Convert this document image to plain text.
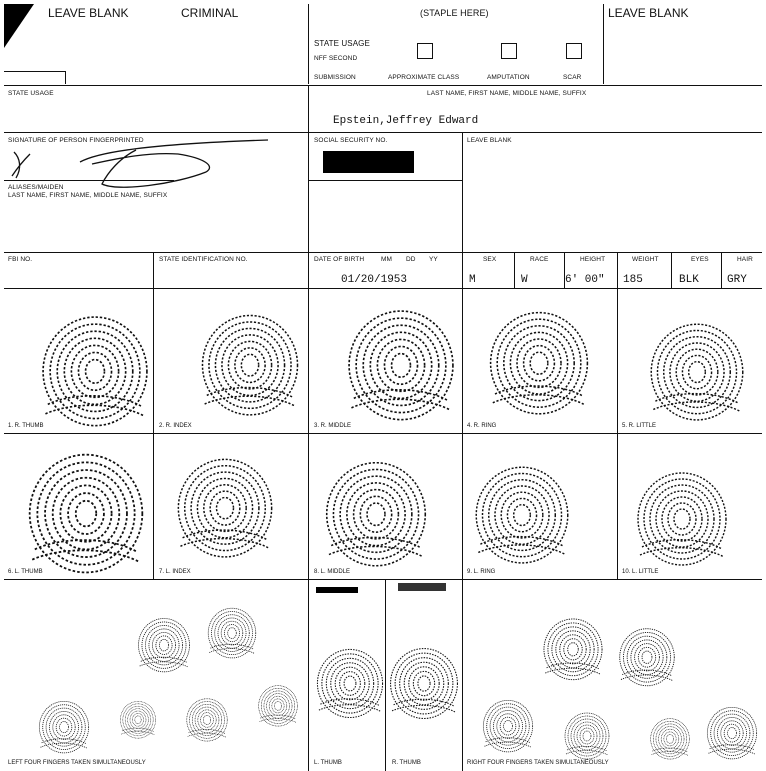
LEAVE BLANK	CRIMINAL	(STAPLE HERE)	LEAVE BLANK
STATE USAGE
NFF SECOND
SUBMISSION	APPROXIMATE CLASS	AMPUTATION	SCAR
STATE USAGE	LAST NAME, FIRST NAME, MIDDLE NAME, SUFFIX
Epstein,Jeffrey Edward
SIGNATURE OF PERSON FINGERPRINTED	SOCIAL SECURITY NO.	LEAVE BLANK
ALIASES/MAIDEN
LAST NAME, FIRST NAME, MIDDLE NAME, SUFFIX
FBI NO.	STATE IDENTIFICATION NO.	DATE OF BIRTH	MM DD YY
01/20/1953
SEX
M
RACE
W
HEIGHT
6' 00"
WEIGHT
185
EYES
BLK
HAIR
GRY
1. R. THUMB	2. R. INDEX	3. R. MIDDLE	4. R. RING	5. R. LITTLE
6. L. THUMB	7. L. INDEX	8. L. MIDDLE	9. L. RING	10. L. LITTLE
LEFT FOUR FINGERS TAKEN SIMULTANEOUSLY	L. THUMB	R. THUMB	RIGHT FOUR FINGERS TAKEN SIMULTANEOUSLY
